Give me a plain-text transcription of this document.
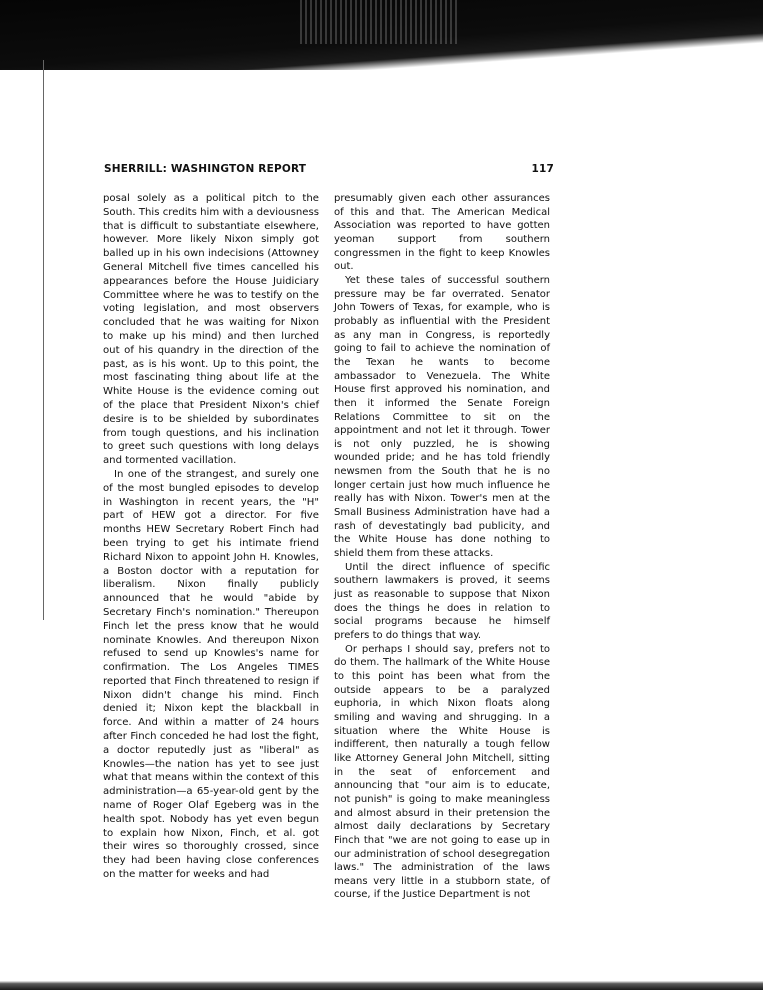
SHERRILL: WASHINGTON REPORT	117

posal solely as a political pitch to the South. This credits him with a deviousness that is difficult to substantiate elsewhere, however. More likely Nixon simply got balled up in his own indecisions (Attowney General Mitchell five times cancelled his appearances before the House Juidiciary Committee where he was to testify on the voting legislation, and most observers concluded that he was waiting for Nixon to make up his mind) and then lurched out of his quandry in the direction of the past, as is his wont. Up to this point, the most fascinating thing about life at the White House is the evidence coming out of the place that President Nixon's chief desire is to be shielded by subordinates from tough questions, and his inclination to greet such questions with long delays and tormented vacillation.

In one of the strangest, and surely one of the most bungled episodes to develop in Washington in recent years, the "H" part of HEW got a director. For five months HEW Secretary Robert Finch had been trying to get his intimate friend Richard Nixon to appoint John H. Knowles, a Boston doctor with a reputation for liberalism. Nixon finally publicly announced that he would "abide by Secretary Finch's nomination." Thereupon Finch let the press know that he would nominate Knowles. And thereupon Nixon refused to send up Knowles's name for confirmation. The Los Angeles TIMES reported that Finch threatened to resign if Nixon didn't change his mind. Finch denied it; Nixon kept the blackball in force. And within a matter of 24 hours after Finch conceded he had lost the fight, a doctor reputedly just as "liberal" as Knowles—the nation has yet to see just what that means within the context of this administration—a 65-year-old gent by the name of Roger Olaf Egeberg was in the health spot. Nobody has yet even begun to explain how Nixon, Finch, et al. got their wires so thoroughly crossed, since they had been having close conferences on the matter for weeks and had

presumably given each other assurances of this and that. The American Medical Association was reported to have gotten yeoman support from southern congressmen in the fight to keep Knowles out.

Yet these tales of successful southern pressure may be far overrated. Senator John Towers of Texas, for example, who is probably as influential with the President as any man in Congress, is reportedly going to fail to achieve the nomination of the Texan he wants to become ambassador to Venezuela. The White House first approved his nomination, and then it informed the Senate Foreign Relations Committee to sit on the appointment and not let it through. Tower is not only puzzled, he is showing wounded pride; and he has told friendly newsmen from the South that he is no longer certain just how much influence he really has with Nixon. Tower's men at the Small Business Administration have had a rash of devestatingly bad publicity, and the White House has done nothing to shield them from these attacks.

Until the direct influence of specific southern lawmakers is proved, it seems just as reasonable to suppose that Nixon does the things he does in relation to social programs because he himself prefers to do things that way.

Or perhaps I should say, prefers not to do them. The hallmark of the White House to this point has been what from the outside appears to be a paralyzed euphoria, in which Nixon floats along smiling and waving and shrugging. In a situation where the White House is indifferent, then naturally a tough fellow like Attorney General John Mitchell, sitting in the seat of enforcement and announcing that "our aim is to educate, not punish" is going to make meaningless and almost absurd in their pretension the almost daily declarations by Secretary Finch that "we are not going to ease up in our administration of school desegregation laws." The administration of the laws means very little in a stubborn state, of course, if the Justice Department is not
